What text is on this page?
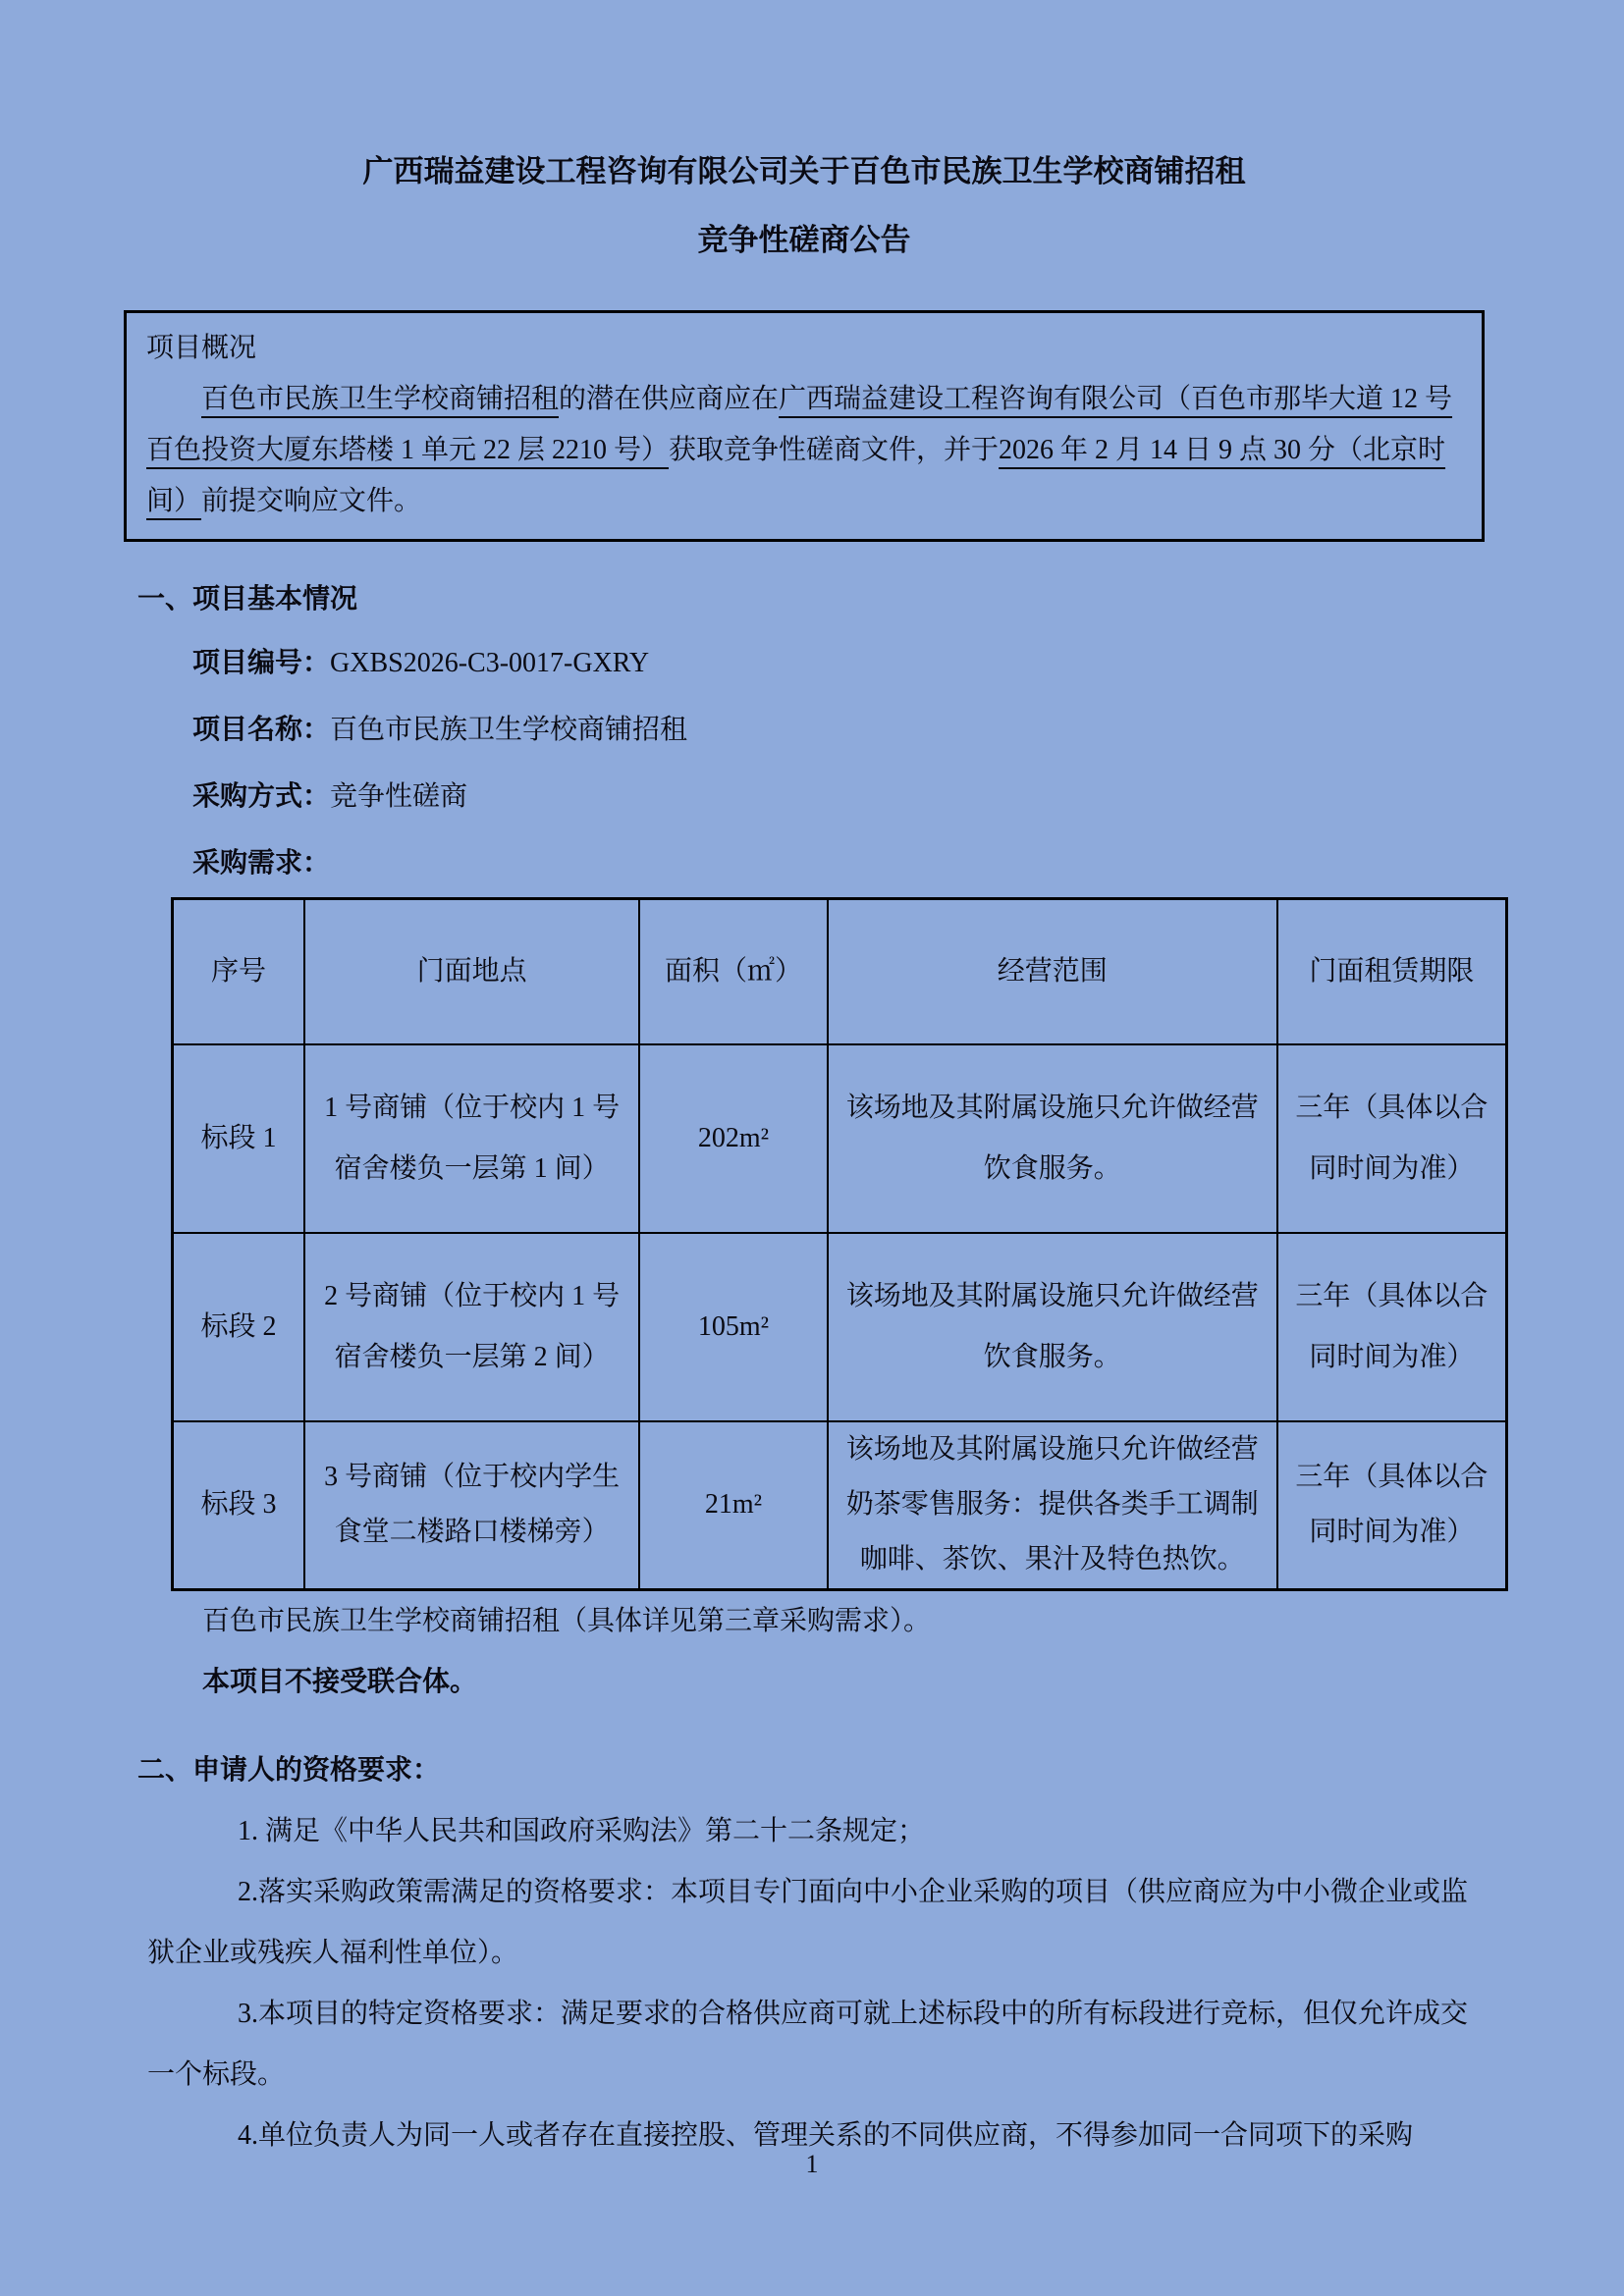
广西瑞益建设工程咨询有限公司关于百色市民族卫生学校商铺招租

竞争性磋商公告

项目概况

百色市民族卫生学校商铺招租的潜在供应商应在广西瑞益建设工程咨询有限公司（百色市那毕大道 12 号百色投资大厦东塔楼 1 单元 22 层 2210 号）获取竞争性磋商文件，并于2026 年 2 月 14 日 9 点 30 分（北京时间）前提交响应文件。

一、项目基本情况

项目编号：GXBS2026-C3-0017-GXRY

项目名称：百色市民族卫生学校商铺招租

采购方式：竞争性磋商

采购需求：

序号	门面地点	面积（㎡）	经营范围	门面租赁期限
标段 1	1 号商铺（位于校内 1 号宿舍楼负一层第 1 间）	202m²	该场地及其附属设施只允许做经营饮食服务。	三年（具体以合同时间为准）
标段 2	2 号商铺（位于校内 1 号宿舍楼负一层第 2 间）	105m²	该场地及其附属设施只允许做经营饮食服务。	三年（具体以合同时间为准）
标段 3	3 号商铺（位于校内学生食堂二楼路口楼梯旁）	21m²	该场地及其附属设施只允许做经营奶茶零售服务：提供各类手工调制咖啡、茶饮、果汁及特色热饮。	三年（具体以合同时间为准）

百色市民族卫生学校商铺招租（具体详见第三章采购需求）。

本项目不接受联合体。

二、申请人的资格要求：

1. 满足《中华人民共和国政府采购法》第二十二条规定；

2.落实采购政策需满足的资格要求：本项目专门面向中小企业采购的项目（供应商应为中小微企业或监狱企业或残疾人福利性单位）。

3.本项目的特定资格要求：满足要求的合格供应商可就上述标段中的所有标段进行竞标，但仅允许成交一个标段。

4.单位负责人为同一人或者存在直接控股、管理关系的不同供应商，不得参加同一合同项下的采购

1
